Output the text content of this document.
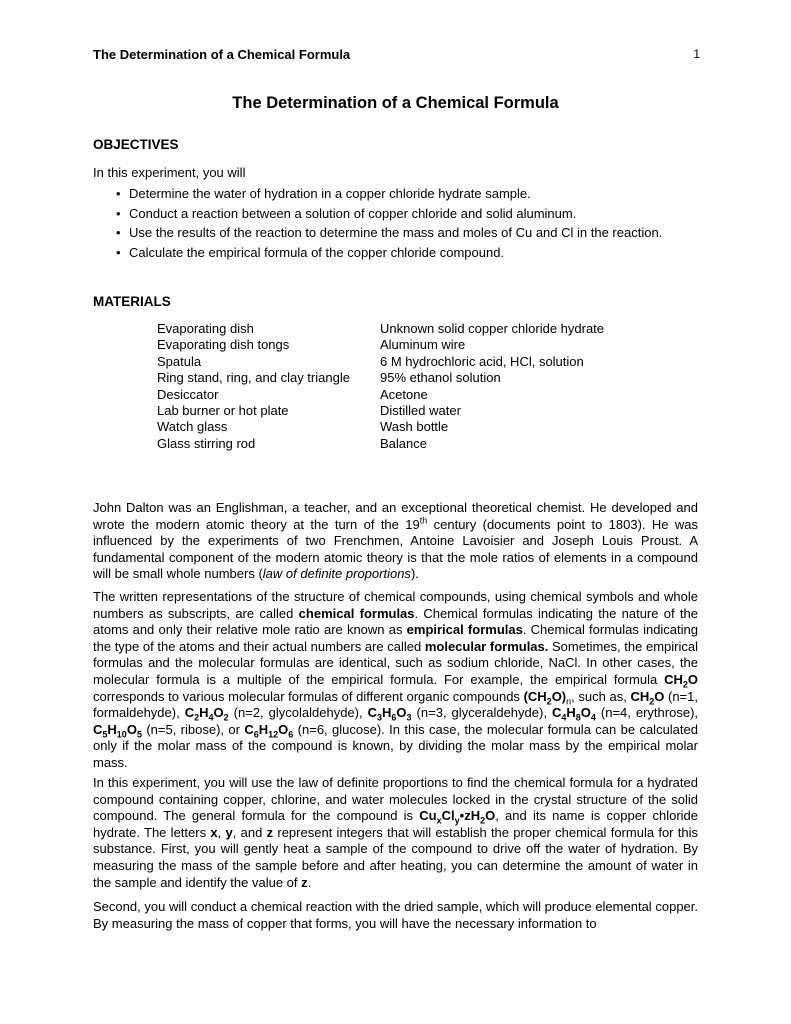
The Determination of a Chemical Formula	1
The Determination of a Chemical Formula
OBJECTIVES
In this experiment, you will
• Determine the water of hydration in a copper chloride hydrate sample.
• Conduct a reaction between a solution of copper chloride and solid aluminum.
• Use the results of the reaction to determine the mass and moles of Cu and Cl in the reaction.
• Calculate the empirical formula of the copper chloride compound.
MATERIALS
Evaporating dish	Unknown solid copper chloride hydrate
Evaporating dish tongs	Aluminum wire
Spatula	6 M hydrochloric acid, HCl, solution
Ring stand, ring, and clay triangle	95% ethanol solution
Desiccator	Acetone
Lab burner or hot plate	Distilled water
Watch glass	Wash bottle
Glass stirring rod	Balance
John Dalton was an Englishman, a teacher, and an exceptional theoretical chemist. He developed and wrote the modern atomic theory at the turn of the 19th century (documents point to 1803). He was influenced by the experiments of two Frenchmen, Antoine Lavoisier and Joseph Louis Proust. A fundamental component of the modern atomic theory is that the mole ratios of elements in a compound will be small whole numbers (law of definite proportions).
The written representations of the structure of chemical compounds, using chemical symbols and whole numbers as subscripts, are called chemical formulas. Chemical formulas indicating the nature of the atoms and only their relative mole ratio are known as empirical formulas. Chemical formulas indicating the type of the atoms and their actual numbers are called molecular formulas. Sometimes, the empirical formulas and the molecular formulas are identical, such as sodium chloride, NaCl. In other cases, the molecular formula is a multiple of the empirical formula. For example, the empirical formula $CH_2O$ corresponds to various molecular formulas of different organic compounds $(CH_2O)_n$, such as, $CH_2O$ (n=1, formaldehyde), $C_2H_4O_2$ (n=2, glycolaldehyde), $C_3H_6O_3$ (n=3, glyceraldehyde), $C_4H_8O_4$ (n=4, erythrose), $C_5H_{10}O_5$ (n=5, ribose), or $C_6H_{12}O_6$ (n=6, glucose). In this case, the molecular formula can be calculated only if the molar mass of the compound is known, by dividing the molar mass by the empirical molar mass.
In this experiment, you will use the law of definite proportions to find the chemical formula for a hydrated compound containing copper, chlorine, and water molecules locked in the crystal structure of the solid compound. The general formula for the compound is $Cu_xCl_y•zH_2O$, and its name is copper chloride hydrate. The letters x, y, and z represent integers that will establish the proper chemical formula for this substance. First, you will gently heat a sample of the compound to drive off the water of hydration. By measuring the mass of the sample before and after heating, you can determine the amount of water in the sample and identify the value of z.
Second, you will conduct a chemical reaction with the dried sample, which will produce elemental copper. By measuring the mass of copper that forms, you will have the necessary information to
